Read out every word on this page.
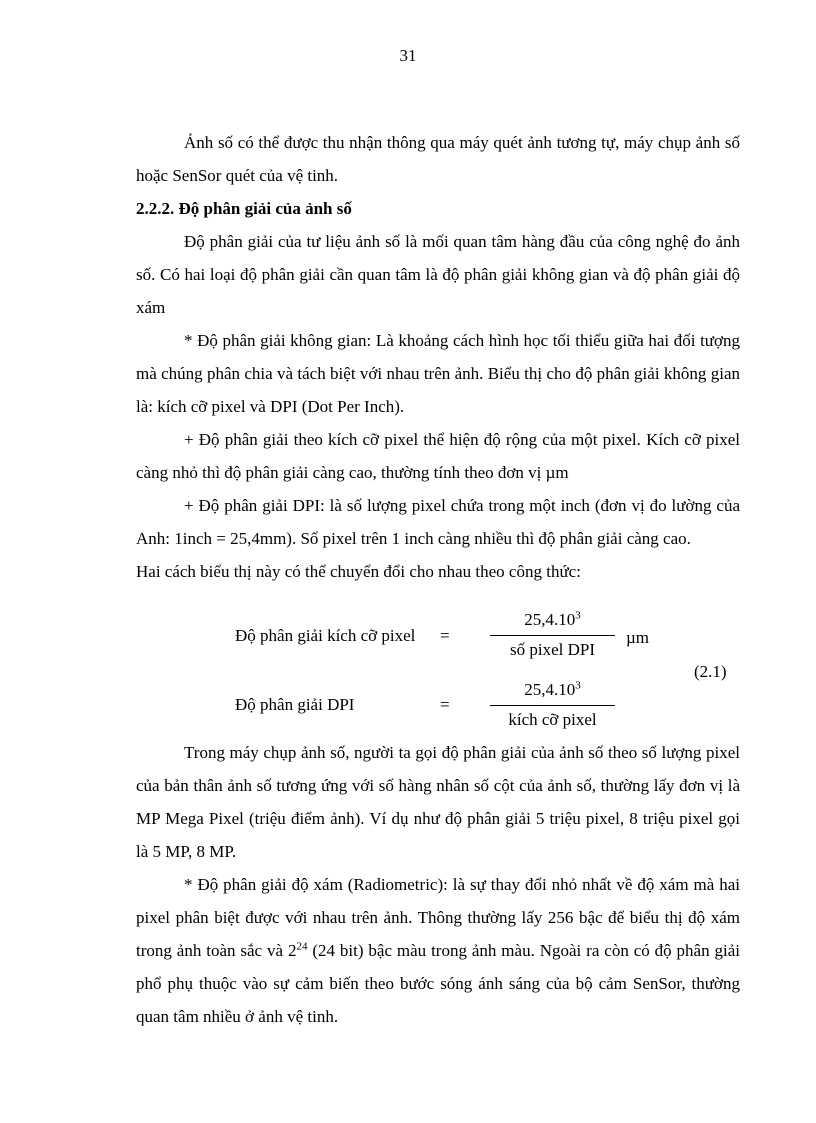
31

Ảnh số có thể được thu nhận thông qua máy quét ảnh tương tự, máy chụp ảnh số hoặc SenSor quét của vệ tinh.

2.2.2. Độ phân giải của ảnh số

Độ phân giải của tư liệu ảnh số là mối quan tâm hàng đầu của công nghệ đo ảnh số. Có hai loại độ phân giải cần quan tâm là độ phân giải không gian và độ phân giải độ xám

* Độ phân giải không gian: Là khoảng cách hình học tối thiểu giữa hai đối tượng mà chúng phân chia và tách biệt với nhau trên ảnh. Biểu thị cho độ phân giải không gian là: kích cỡ pixel và DPI (Dot Per Inch).

+ Độ phân giải theo kích cỡ pixel thể hiện độ rộng của một pixel. Kích cỡ pixel càng nhỏ thì độ phân giải càng cao, thường tính theo đơn vị µm

+ Độ phân giải DPI: là số lượng pixel chứa trong một inch (đơn vị đo lường của Anh: 1inch = 25,4mm). Số pixel trên 1 inch càng nhiều thì độ phân giải càng cao.

Hai cách biểu thị này có thể chuyển đổi cho nhau theo công thức:

Độ phân giải kích cỡ pixel =
$25,4.10^3$
số pixel DPI
µm
(2.1)
Độ phân giải DPI	=
$25,4.10^3$
kích cỡ pixel

Trong máy chụp ảnh số, người ta gọi độ phân giải của ảnh số theo số lượng pixel của bản thân ảnh số tương ứng với số hàng nhân số cột của ảnh số, thường lấy đơn vị là MP Mega Pixel (triệu điểm ảnh). Ví dụ như độ phân giải 5 triệu pixel, 8 triệu pixel gọi là 5 MP, 8 MP.

* Độ phân giải độ xám (Radiometric): là sự thay đổi nhỏ nhất về độ xám mà hai pixel phân biệt được với nhau trên ảnh. Thông thường lấy 256 bậc để biểu thị độ xám trong ảnh toàn sắc và $2^{24}$ (24 bit) bậc màu trong ảnh màu. Ngoài ra còn có độ phân giải phổ phụ thuộc vào sự cảm biến theo bước sóng ánh sáng của bộ cảm SenSor, thường quan tâm nhiều ở ảnh vệ tinh.
